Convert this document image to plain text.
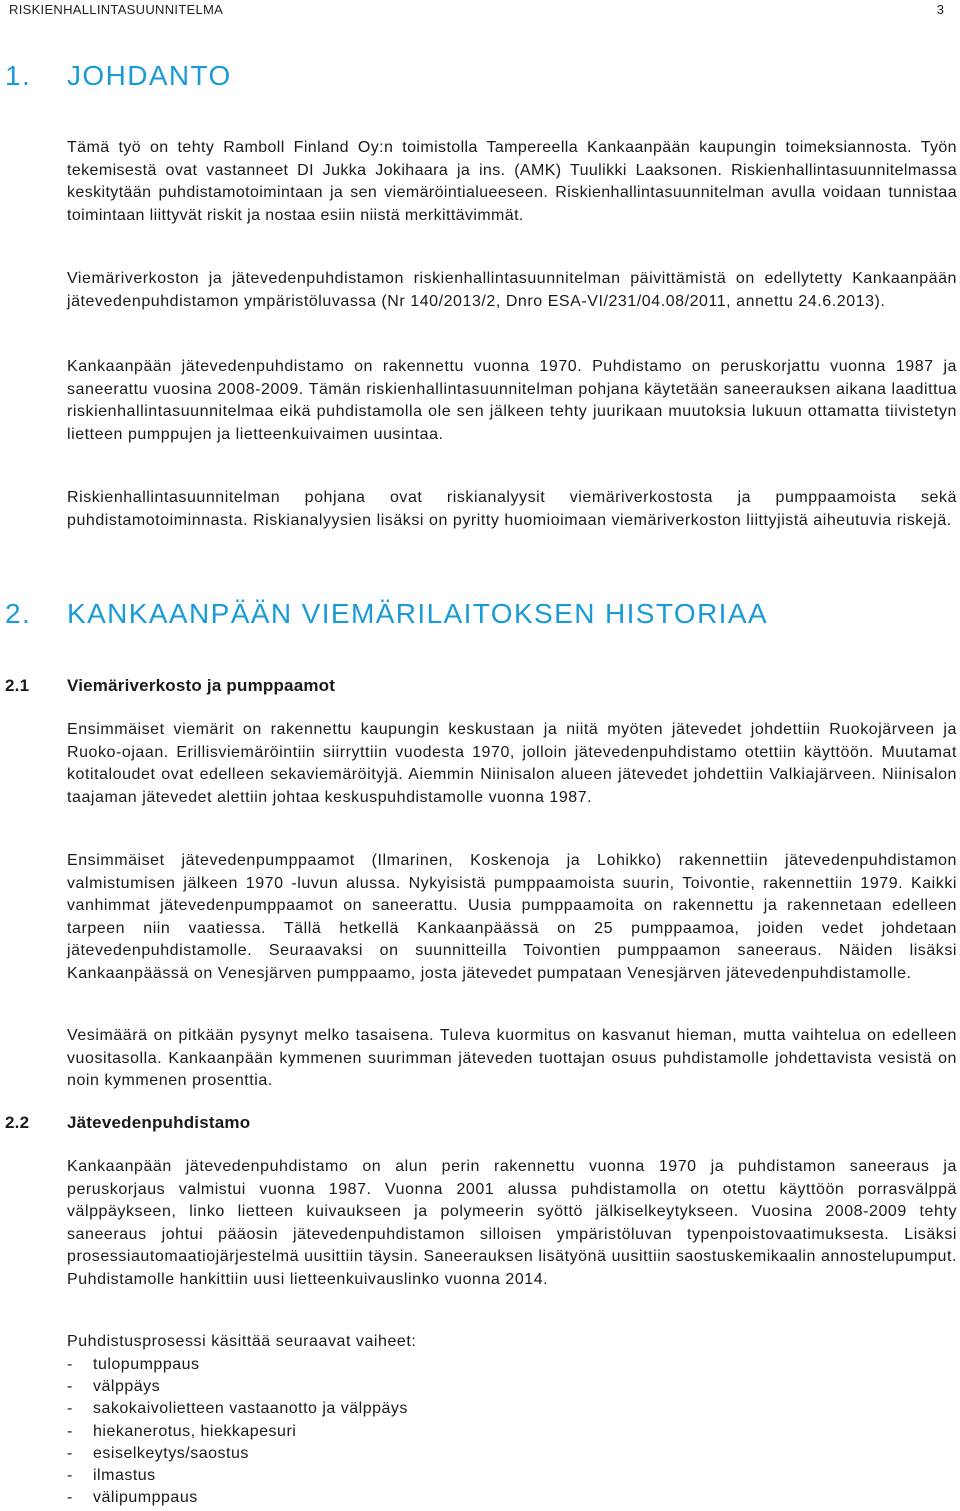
RISKIENHALLINTASUUNNITELMA	3
1. JOHDANTO

Tämä työ on tehty Ramboll Finland Oy:n toimistolla Tampereella Kankaanpään kaupungin toimeksiannosta. Työn tekemisestä ovat vastanneet DI Jukka Jokihaara ja ins. (AMK) Tuulikki Laaksonen. Riskienhallintasuunnitelmassa keskitytään puhdistamotoimintaan ja sen viemäröintialueeseen. Riskienhallintasuunnitelman avulla voidaan tunnistaa toimintaan liittyvät riskit ja nostaa esiin niistä merkittävimmät.

Viemäriverkoston ja jätevedenpuhdistamon riskienhallintasuunnitelman päivittämistä on edellytetty Kankaanpään jätevedenpuhdistamon ympäristöluvassa (Nr 140/2013/2, Dnro ESA-VI/231/04.08/2011, annettu 24.6.2013).

Kankaanpään jätevedenpuhdistamo on rakennettu vuonna 1970. Puhdistamo on peruskorjattu vuonna 1987 ja saneerattu vuosina 2008-2009. Tämän riskienhallintasuunnitelman pohjana käytetään saneerauksen aikana laadittua riskienhallintasuunnitelmaa eikä puhdistamolla ole sen jälkeen tehty juurikaan muutoksia lukuun ottamatta tiivistetyn lietteen pumppujen ja lietteenkuivaimen uusintaa.

Riskienhallintasuunnitelman pohjana ovat riskianalyysit viemäriverkostosta ja pumppaamoista sekä puhdistamotoiminnasta. Riskianalyysien lisäksi on pyritty huomioimaan viemäriverkoston liittyjistä aiheutuvia riskejä.

2. KANKAANPÄÄN VIEMÄRILAITOKSEN HISTORIAA
2.1 Viemäriverkosto ja pumppaamot

Ensimmäiset viemärit on rakennettu kaupungin keskustaan ja niitä myöten jätevedet johdettiin Ruokojärveen ja Ruoko-ojaan. Erillisviemäröintiin siirryttiin vuodesta 1970, jolloin jätevedenpuhdistamo otettiin käyttöön. Muutamat kotitaloudet ovat edelleen sekaviemäröityjä. Aiemmin Niinisalon alueen jätevedet johdettiin Valkiajärveen. Niinisalon taajaman jätevedet alettiin johtaa keskuspuhdistamolle vuonna 1987.

Ensimmäiset jätevedenpumppaamot (Ilmarinen, Koskenoja ja Lohikko) rakennettiin jätevedenpuhdistamon valmistumisen jälkeen 1970 -luvun alussa. Nykyisistä pumppaamoista suurin, Toivontie, rakennettiin 1979. Kaikki vanhimmat jätevedenpumppaamot on saneerattu. Uusia pumppaamoita on rakennettu ja rakennetaan edelleen tarpeen niin vaatiessa. Tällä hetkellä Kankaanpäässä on 25 pumppaamoa, joiden vedet johdetaan jätevedenpuhdistamolle. Seuraavaksi on suunnitteilla Toivontien pumppaamon saneeraus. Näiden lisäksi Kankaanpäässä on Venesjärven pumppaamo, josta jätevedet pumpataan Venesjärven jätevedenpuhdistamolle.

Vesimäärä on pitkään pysynyt melko tasaisena. Tuleva kuormitus on kasvanut hieman, mutta vaihtelua on edelleen vuositasolla. Kankaanpään kymmenen suurimman jäteveden tuottajan osuus puhdistamolle johdettavista vesistä on noin kymmenen prosenttia.

2.2 Jätevedenpuhdistamo

Kankaanpään jätevedenpuhdistamo on alun perin rakennettu vuonna 1970 ja puhdistamon saneeraus ja peruskorjaus valmistui vuonna 1987. Vuonna 2001 alussa puhdistamolla on otettu käyttöön porrasvälppä välppäykseen, linko lietteen kuivaukseen ja polymeerin syöttö jälkiselkeytykseen. Vuosina 2008-2009 tehty saneeraus johtui pääosin jätevedenpuhdistamon silloisen ympäristöluvan typenpoistovaatimuksesta. Lisäksi prosessiautomaatiojärjestelmä uusittiin täysin. Saneerauksen lisätyönä uusittiin saostuskemikaalin annostelupumput. Puhdistamolle hankittiin uusi lietteenkuivauslinko vuonna 2014.

Puhdistusprosessi käsittää seuraavat vaiheet:

- tulopumppaus
- välppäys
- sakokaivolietteen vastaanotto ja välppäys
- hiekanerotus, hiekkapesuri
- esiselkeytys/saostus
- ilmastus
- välipumppaus
